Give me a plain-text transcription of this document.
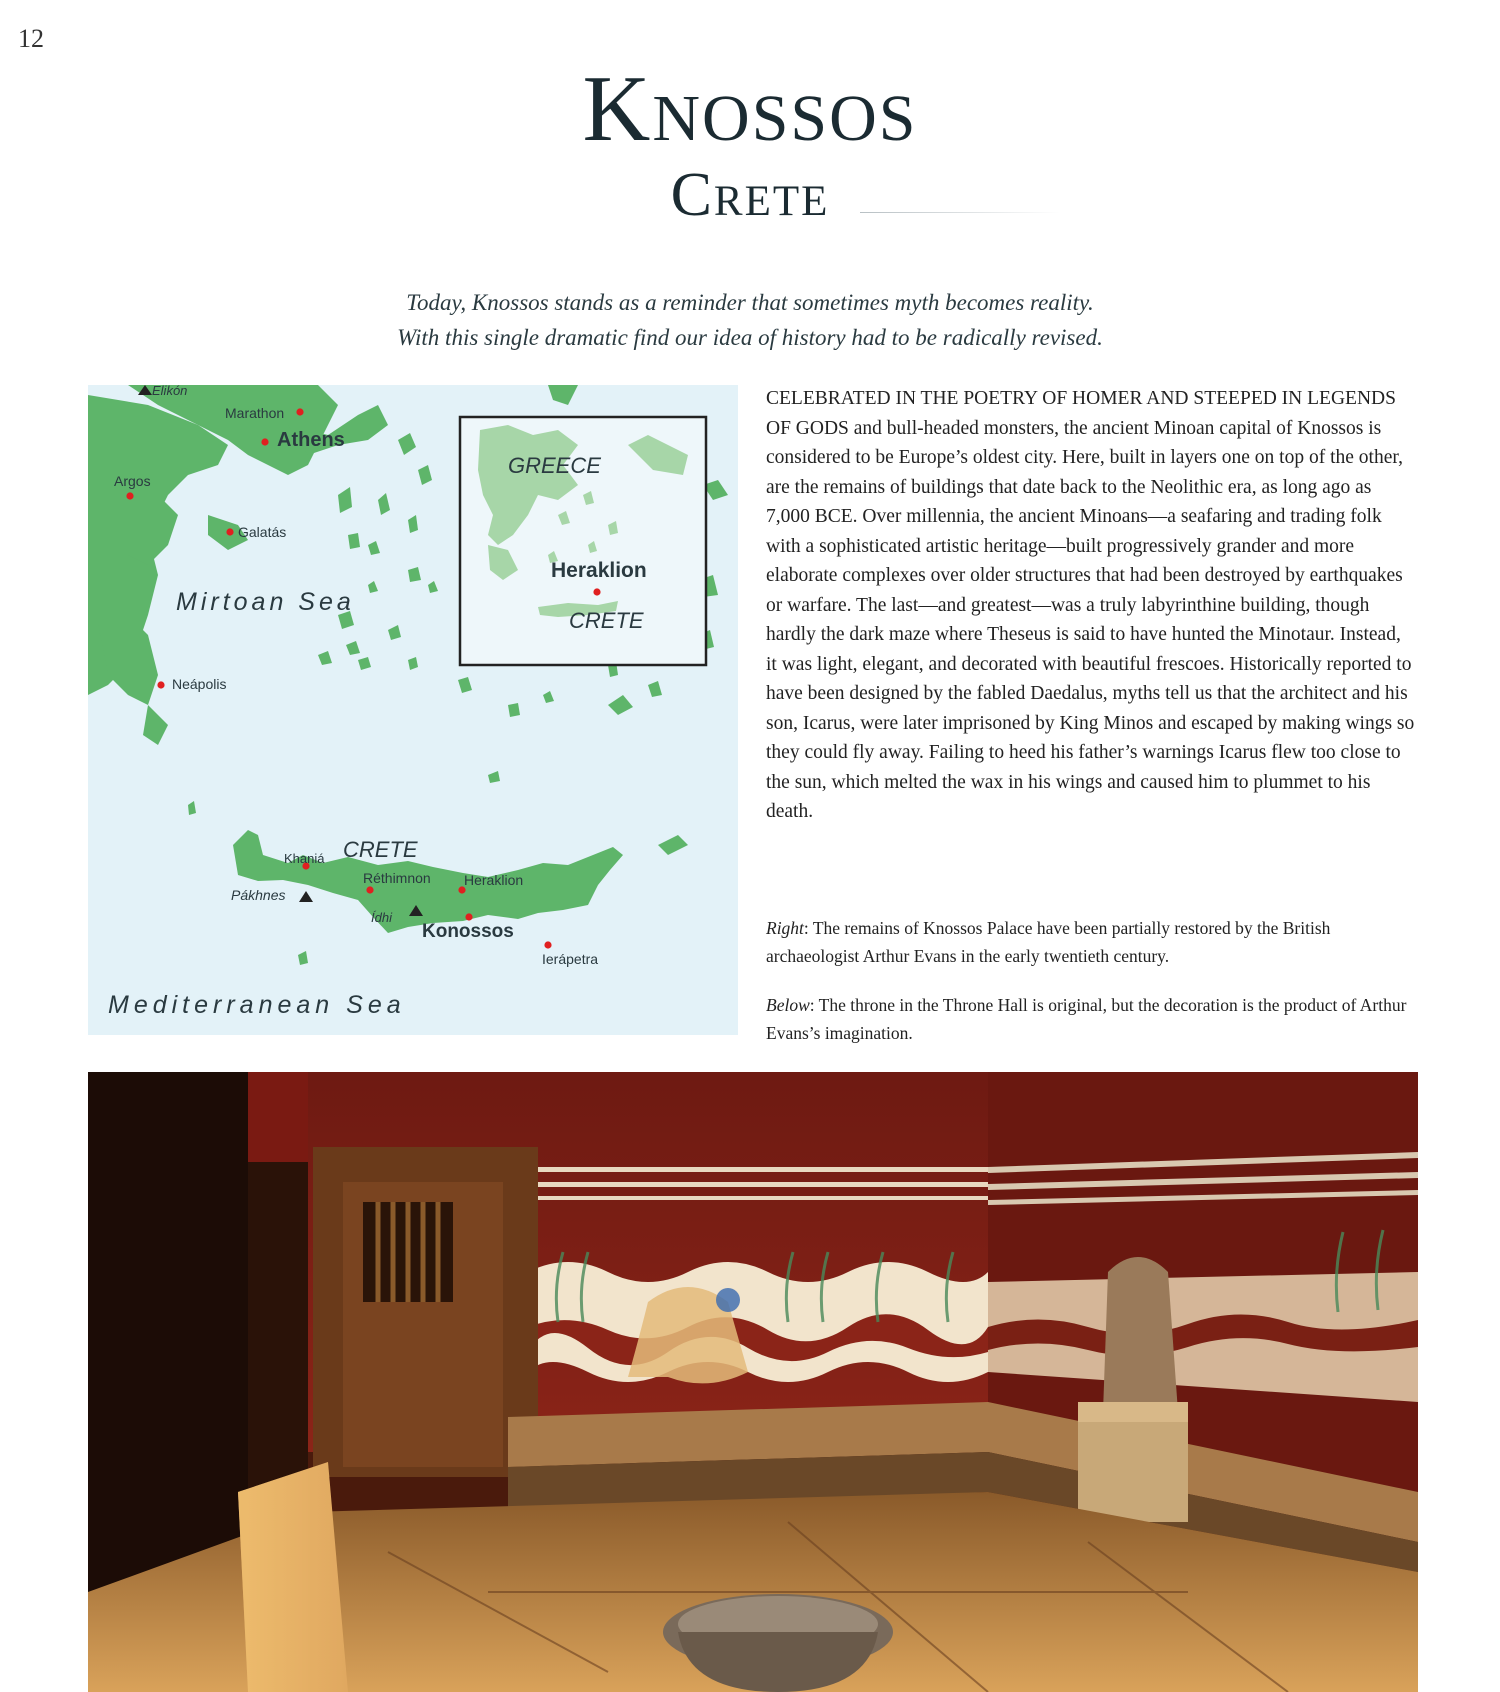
12
Knossos
Crete
Today, Knossos stands as a reminder that sometimes myth becomes reality.
With this single dramatic find our idea of history had to be radically revised.
Elikón
Marathon
Athens
Argos
Galatás
Mirtoan Sea
Neápolis
GREECE
Heraklion
CRETE
CRETE
Khaniá
Réthimnon Heraklion
Pákhnes
Ídhi
Konossos
Ierápetra
Mediterranean Sea

CELEBRATED IN THE POETRY OF HOMER AND STEEPED IN LEGENDS OF GODS and bull-headed monsters, the ancient Minoan capital of Knossos is considered to be Europe’s oldest city. Here, built in layers one on top of the other, are the remains of buildings that date back to the Neolithic era, as long ago as 7,000 BCE. Over millennia, the ancient Minoans—a seafaring and trading folk with a sophisticated artistic heritage—built progressively grander and more elaborate complexes over older structures that had been destroyed by earthquakes or warfare. The last—and greatest—was a truly labyrinthine building, though hardly the dark maze where Theseus is said to have hunted the Minotaur. Instead, it was light, elegant, and decorated with beautiful frescoes. Historically reported to have been designed by the fabled Daedalus, myths tell us that the architect and his son, Icarus, were later imprisoned by King Minos and escaped by making wings so they could fly away. Failing to heed his father’s warnings Icarus flew too close to the sun, which melted the wax in his wings and caused him to plummet to his death.

Right: The remains of Knossos Palace have been partially restored by the British archaeologist Arthur Evans in the early twentieth century.

Below: The throne in the Throne Hall is original, but the decoration is the product of Arthur Evans’s imagination.
